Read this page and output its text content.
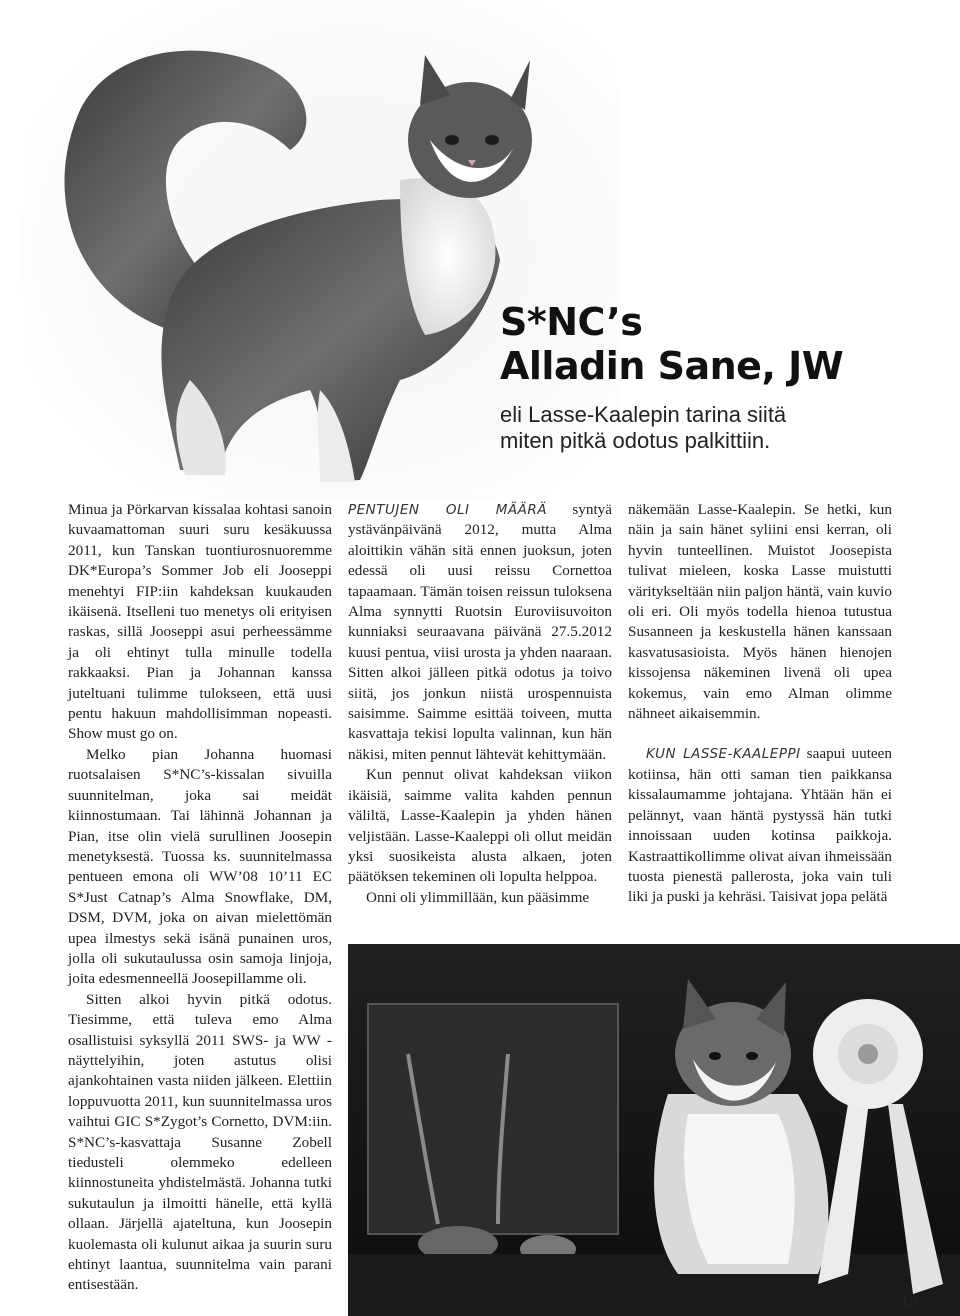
S*NC’s
Alladin Sane, JW
eli Lasse-Kaalepin tarina siitä
miten pitkä odotus palkittiin.

Minua ja Pörkarvan kissalaa kohtasi sanoin kuvaamattoman suuri suru kesäkuussa 2011, kun Tanskan tuontiurosnuoremme DK*Europa’s Sommer Job eli Jooseppi menehtyi FIP:iin kahdeksan kuukauden ikäisenä. Itselleni tuo menetys oli erityisen raskas, sillä Jooseppi asui perheessämme ja oli ehtinyt tulla minulle todella rakkaaksi. Pian ja Johannan kanssa juteltuani tulimme tulokseen, että uusi pentu hakuun mahdollisimman nopeasti. Show must go on.

Melko pian Johanna huomasi ruotsalaisen S*NC’s-kissalan sivuilla suunnitelman, joka sai meidät kiinnostumaan. Tai lähinnä Johannan ja Pian, itse olin vielä surullinen Joosepin menetyksestä. Tuossa ks. suunnitelmassa pentueen emona oli WW’08 10’11 EC S*Just Catnap’s Alma Snowflake, DM, DSM, DVM, joka on aivan mielettömän upea ilmestys sekä isänä punainen uros, jolla oli sukutaulussa osin samoja linjoja, joita edesmenneellä Joosepillamme oli.

Sitten alkoi hyvin pitkä odotus. Tiesimme, että tuleva emo Alma osallistuisi syksyllä 2011 SWS- ja WW -näyttelyihin, joten astutus olisi ajankohtainen vasta niiden jälkeen. Elettiin loppuvuotta 2011, kun suunnitelmassa uros vaihtui GIC S*Zygot’s Cornetto, DVM:iin. S*NC’s-kasvattaja Susanne Zobell tiedusteli olemmeko edelleen kiinnostuneita yhdistelmästä. Johanna tutki sukutaulun ja ilmoitti hänelle, että kyllä ollaan. Järjellä ajateltuna, kun Joosepin kuolemasta oli kulunut aikaa ja suurin suru ehtinyt laantua, suunnitelma vain parani entisestään.

PENTUJEN OLI MÄÄRÄ syntyä ystävänpäivänä 2012, mutta Alma aloittikin vähän sitä ennen juoksun, joten edessä oli uusi reissu Cornettoa tapaamaan. Tämän toisen reissun tuloksena Alma synnytti Ruotsin Euroviisuvoiton kunniaksi seuraavana päivänä 27.5.2012 kuusi pentua, viisi urosta ja yhden naaraan. Sitten alkoi jälleen pitkä odotus ja toivo siitä, jos jonkun niistä urospennuista saisimme. Saimme esittää toiveen, mutta kasvattaja tekisi lopulta valinnan, kun hän näkisi, miten pennut lähtevät kehittymään.

Kun pennut olivat kahdeksan viikon ikäisiä, saimme valita kahden pennun väliltä, Lasse-Kaalepin ja yhden hänen veljistään. Lasse-Kaaleppi oli ollut meidän yksi suosikeista alusta alkaen, joten päätöksen tekeminen oli lopulta helppoa.

Onni oli ylimmillään, kun pääsimme

näkemään Lasse-Kaalepin. Se hetki, kun näin ja sain hänet syliini ensi kerran, oli hyvin tunteellinen. Muistot Joosepista tulivat mieleen, koska Lasse muistutti väritykseltään niin paljon häntä, vain kuvio oli eri. Oli myös todella hienoa tutustua Susanneen ja keskustella hänen kanssaan kasvatusasioista. Myös hänen hienojen kissojensa näkeminen livenä oli upea kokemus, vain emo Alman olimme nähneet aikaisemmin.

KUN LASSE-KAALEPPI saapui uuteen kotiinsa, hän otti saman tien paikkansa kissalaumamme johtajana. Yhtään hän ei pelännyt, vaan häntä pystyssä hän tutki innoissaan uuden kotinsa paikkoja. Kastraattikollimme olivat aivan ihmeissään tuosta pienestä pallerosta, joka vain tuli liki ja puski ja kehräsi. Taisivat jopa pelätä

19
